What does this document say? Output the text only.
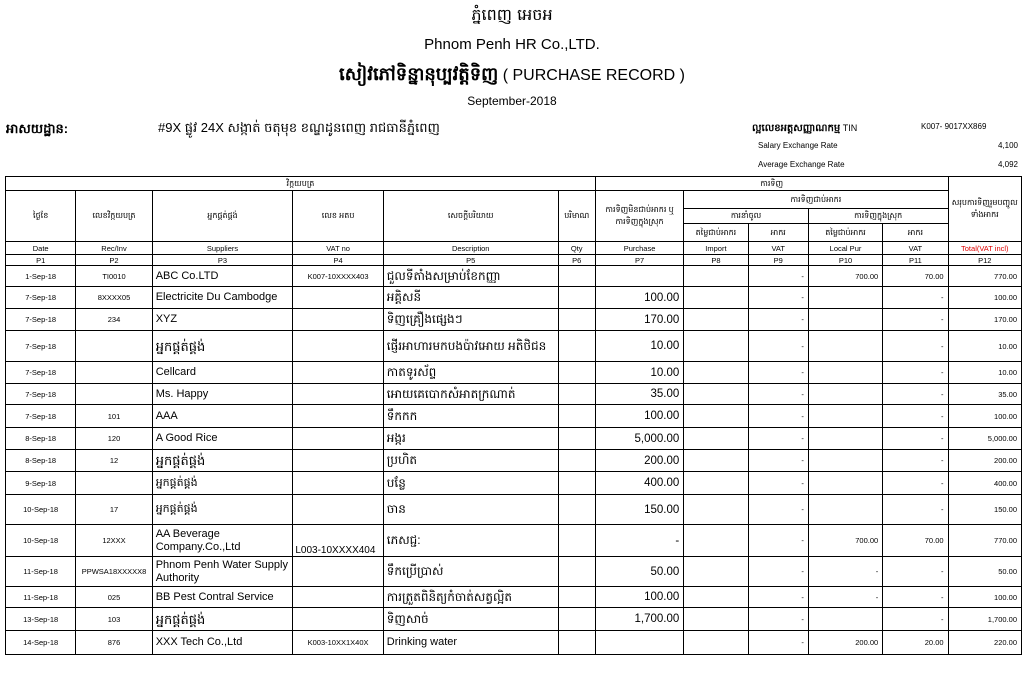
ភ្នំពេញ អេចអ
Phnom Penh HR Co.,LTD.
សៀវភៅទិន្នានុប្បវត្តិទិញ ( PURCHASE RECORD )
September-2018
អាសយដ្ឋាន:	#9X ផ្លូវ 24X សង្កាត់ ចតុមុខ ខណ្ឌដូនពេញ រាជធានីភ្នំពេញ	ល្អលេខអត្តសញ្ញាណកម្ម TIN	K007- 9017XX869
Salary Exchange Rate	4,100
Average Exchange Rate	4,092
វិក្កយបត្រ						ការទិញ					សរុបការទិញរួមបញ្ចូលទាំងអាករ
ថ្ងៃខែ	លេខវិក្កយបត្រ	អ្នកផ្គត់ផ្គង់	លេខ អតប	សេចក្តីបរិយាយ	បរិមាណ	ការទិញមិនជាប់អាករ ឬ ការទិញក្នុងស្រុក	ការទិញជាប់អាករ				
							ការនាំចូល		ការទិញក្នុងស្រុក		
							តម្លៃជាប់អាករ	អាករ	តម្លៃជាប់អាករ	អាករ	
Date	Rec/Inv	Suppliers	VAT no	Description	Qty	Purchase	Import	VAT	Local Pur	VAT	Total(VAT incl)
P1	P2	P3	P4	P5	P6	P7	P8	P9	P10	P11	P12
1-Sep-18	TI0010	ABC Co.LTD	K007-10XXXX403	ជួលទីតាំងសម្រាប់ខែកញ្ញា				-	700.00	70.00	770.00
7-Sep-18	8XXXX05	Electricite Du Cambodge		អគ្គិសនី		100.00		-		-	100.00
7-Sep-18	234	XYZ		ទិញគ្រឿងផ្សេងៗ		170.00		-		-	170.00
7-Sep-18		អ្នកផ្គត់ផ្គង់		ផ្ញើរអាហារមកបងប៉ាវអោយ អតិថិជន		10.00		-		-	10.00
7-Sep-18		Cellcard		កាតទូរស័ព្ទ		10.00		-		-	10.00
7-Sep-18		Ms. Happy		អោយគេបោកសំអាតក្រណាត់		35.00		-		-	35.00
7-Sep-18	101	AAA		ទឹកកក		100.00		-		-	100.00
8-Sep-18	120	A Good Rice		អង្ករ		5,000.00		-		-	5,000.00
8-Sep-18	12	អ្នកផ្គត់ផ្គង់		ប្រហិត		200.00		-		-	200.00
9-Sep-18		អ្នកផ្គត់ផ្គង់		បន្លែ		400.00		-		-	400.00
10-Sep-18	17	អ្នកផ្គត់ផ្គង់		ចាន		150.00		-		-	150.00
10-Sep-18	12XXX	AA Beverage Company.Co.,Ltd	L003-10XXXX404	ភេសជ្ជ:		-		-	700.00	70.00	770.00
11-Sep-18	PPWSA18XXXXX8	Phnom Penh Water Supply Authority		ទឹកប្រើប្រាស់		50.00		-	-	-	50.00
11-Sep-18	025	BB Pest Contral Service		ការត្រួតពិនិត្យកំចាត់សត្វល្អិត		100.00		-	-	-	100.00
13-Sep-18	103	អ្នកផ្គត់ផ្គង់		ទិញសាច់		1,700.00		-		-	1,700.00
14-Sep-18	876	XXX Tech Co.,Ltd	K003-10XX1X40X	Drinking water				-	200.00	20.00	220.00
